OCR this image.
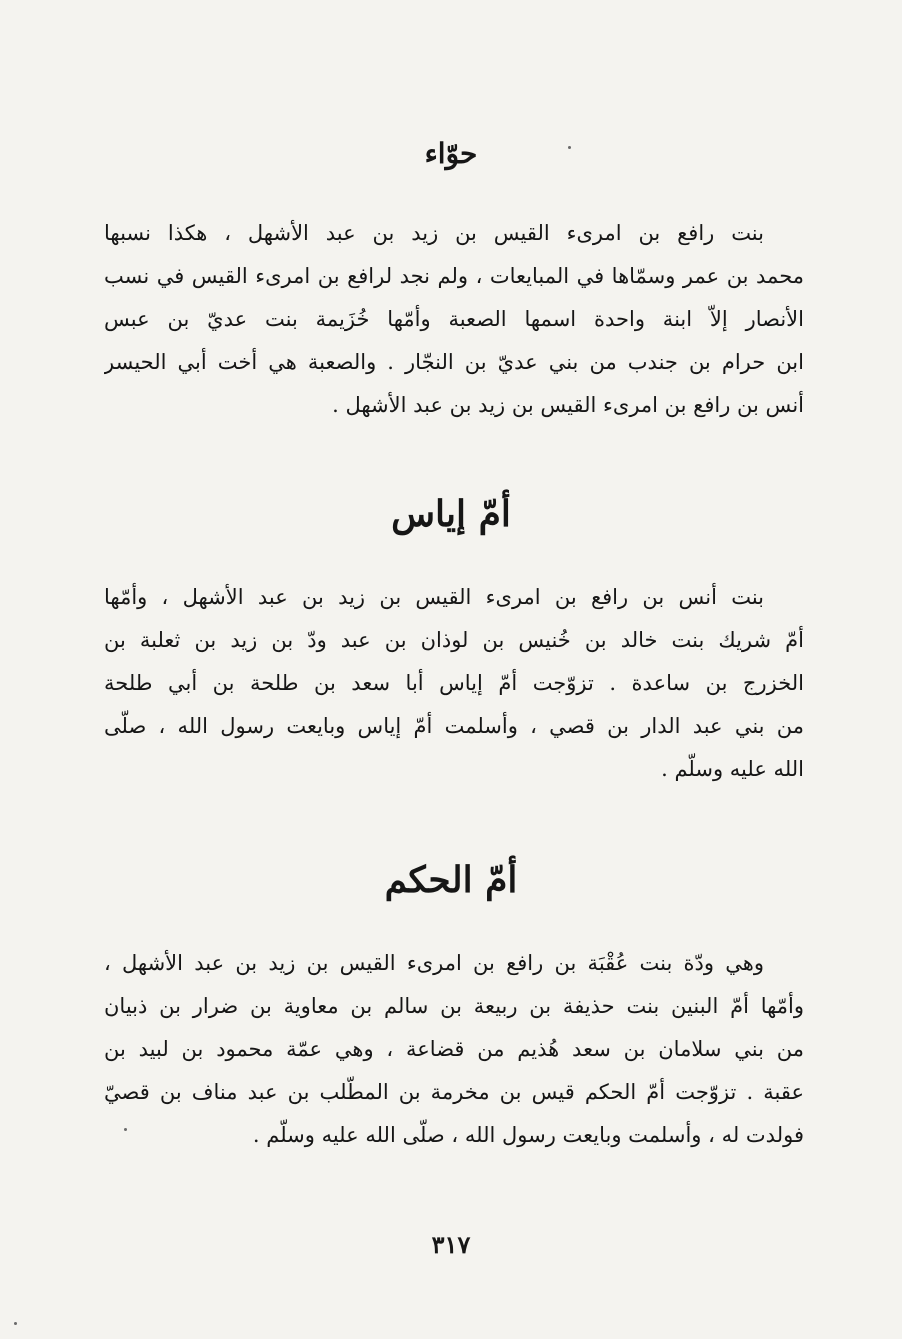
حوّاء
بنت رافع بن امرىء القيس بن زيد بن عبد الأشهل ، هكذا نسبها
محمد بن عمر وسمّاها في المبايعات ، ولم نجد لرافع بن امرىء القيس في نسب
الأنصار إلاّ ابنة واحدة اسمها الصعبة وأمّها خُزَيمة بنت عديّ بن عبس
ابن حرام بن جندب من بني عديّ بن النجّار . والصعبة هي أخت أبي الحيسر
أنس بن رافع بن امرىء القيس بن زيد بن عبد الأشهل .
أمّ إياس
بنت أنس بن رافع بن امرىء القيس بن زيد بن عبد الأشهل ، وأمّها
أمّ شريك بنت خالد بن خُنيس بن لوذان بن عبد ودّ بن زيد بن ثعلبة بن
الخزرج بن ساعدة . تزوّجت أمّ إياس أبا سعد بن طلحة بن أبي طلحة
من بني عبد الدار بن قصي ، وأسلمت أمّ إياس وبايعت رسول الله ، صلّى
الله عليه وسلّم .
أمّ الحكم
وهي ودّة بنت عُقْبَة بن رافع بن امرىء القيس بن زيد بن عبد الأشهل ،
وأمّها أمّ البنين بنت حذيفة بن ربيعة بن سالم بن معاوية بن ضرار بن ذبيان
من بني سلامان بن سعد هُذيم من قضاعة ، وهي عمّة محمود بن لبيد بن
عقبة . تزوّجت أمّ الحكم قيس بن مخرمة بن المطّلب بن عبد مناف بن قصيّ
فولدت له ، وأسلمت وبايعت رسول الله ، صلّى الله عليه وسلّم .
٣١٧
